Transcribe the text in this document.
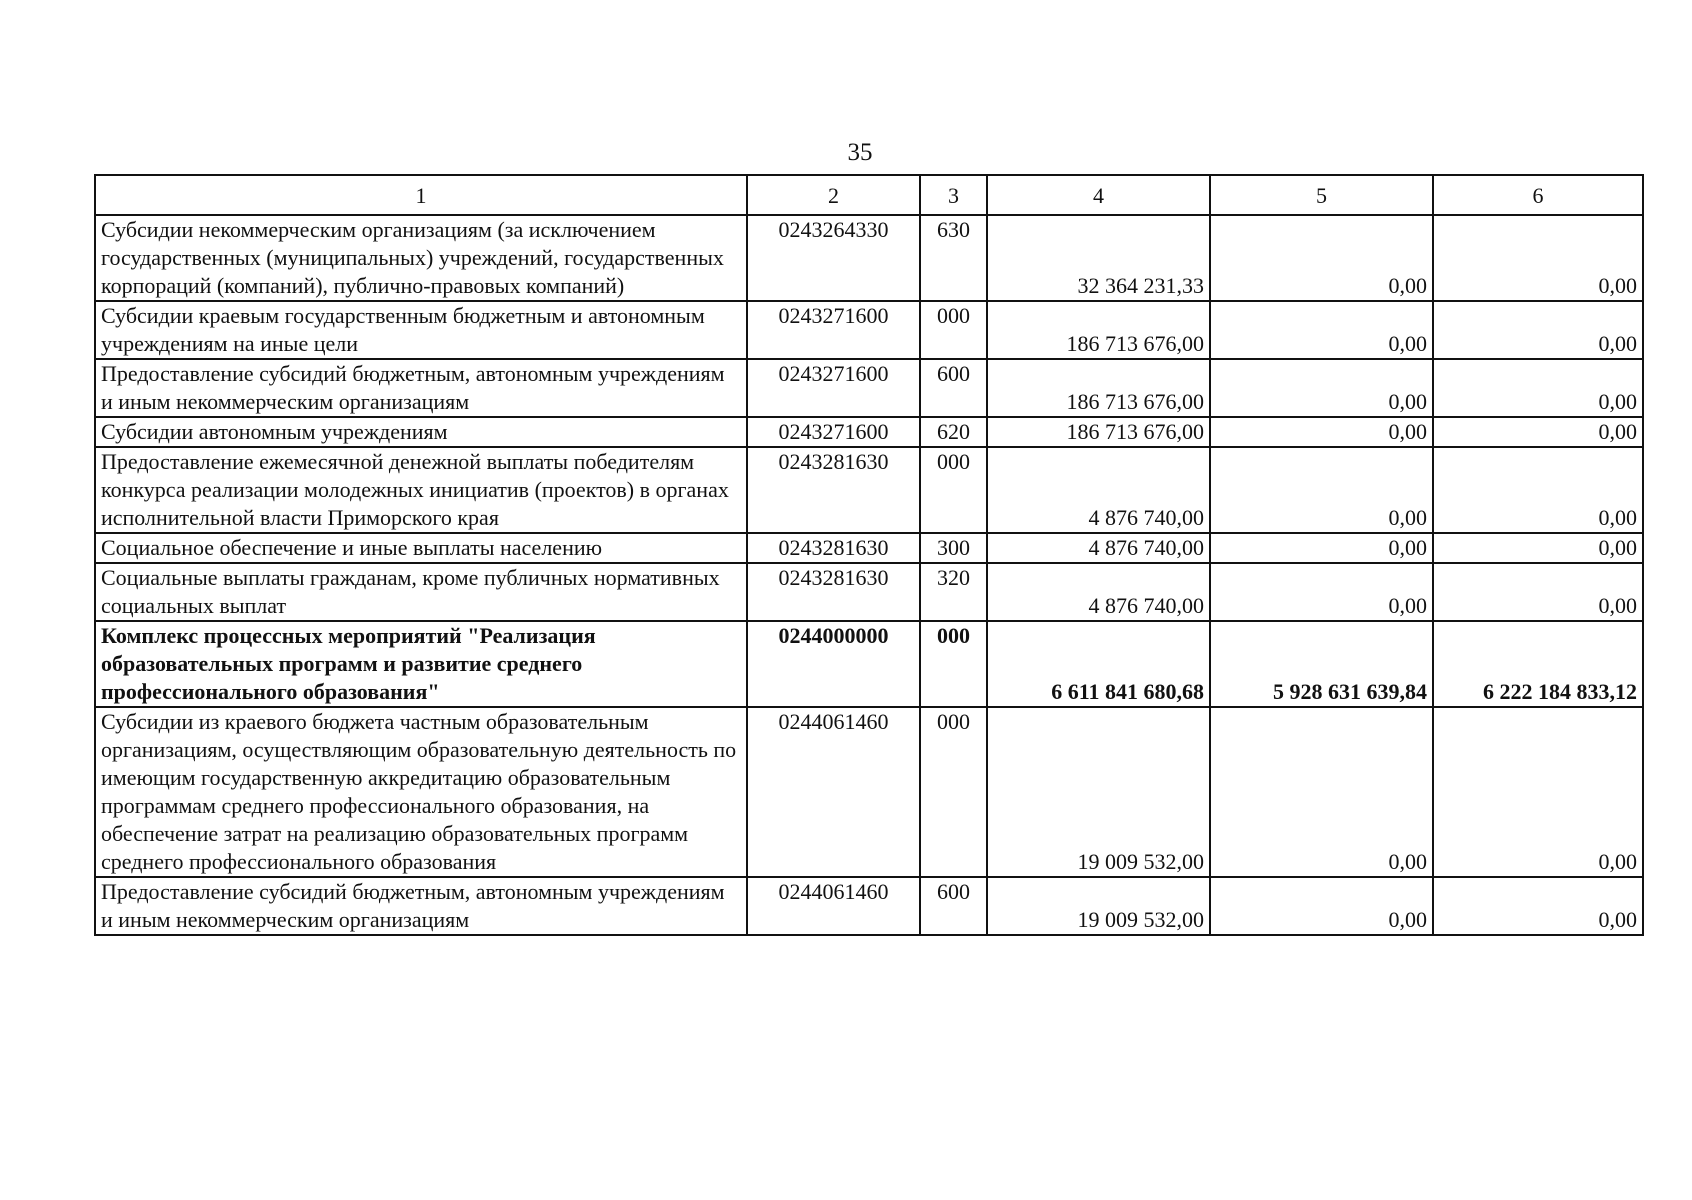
35
1	2	3	4	5	6
Субсидии некоммерческим организациям (за исключением государственных (муниципальных) учреждений, государственных корпораций (компаний), публично-правовых компаний)	0243264330	630	32 364 231,33	0,00	0,00
Субсидии краевым государственным бюджетным и автономным учреждениям на иные цели	0243271600	000	186 713 676,00	0,00	0,00
Предоставление субсидий бюджетным, автономным учреждениям и иным некоммерческим организациям	0243271600	600	186 713 676,00	0,00	0,00
Субсидии автономным учреждениям	0243271600	620	186 713 676,00	0,00	0,00
Предоставление ежемесячной денежной выплаты победителям конкурса реализации молодежных инициатив (проектов) в органах исполнительной власти Приморского края	0243281630	000	4 876 740,00	0,00	0,00
Социальное обеспечение и иные выплаты населению	0243281630	300	4 876 740,00	0,00	0,00
Социальные выплаты гражданам, кроме публичных нормативных социальных выплат	0243281630	320	4 876 740,00	0,00	0,00
Комплекс процессных мероприятий "Реализация образовательных программ и развитие среднего профессионального образования"	0244000000	000	6 611 841 680,68	5 928 631 639,84	6 222 184 833,12
Субсидии из краевого бюджета частным образовательным организациям, осуществляющим образовательную деятельность по имеющим государственную аккредитацию образовательным программам среднего профессионального образования, на обеспечение затрат на реализацию образовательных программ среднего профессионального образования	0244061460	000	19 009 532,00	0,00	0,00
Предоставление субсидий бюджетным, автономным учреждениям и иным некоммерческим организациям	0244061460	600	19 009 532,00	0,00	0,00
